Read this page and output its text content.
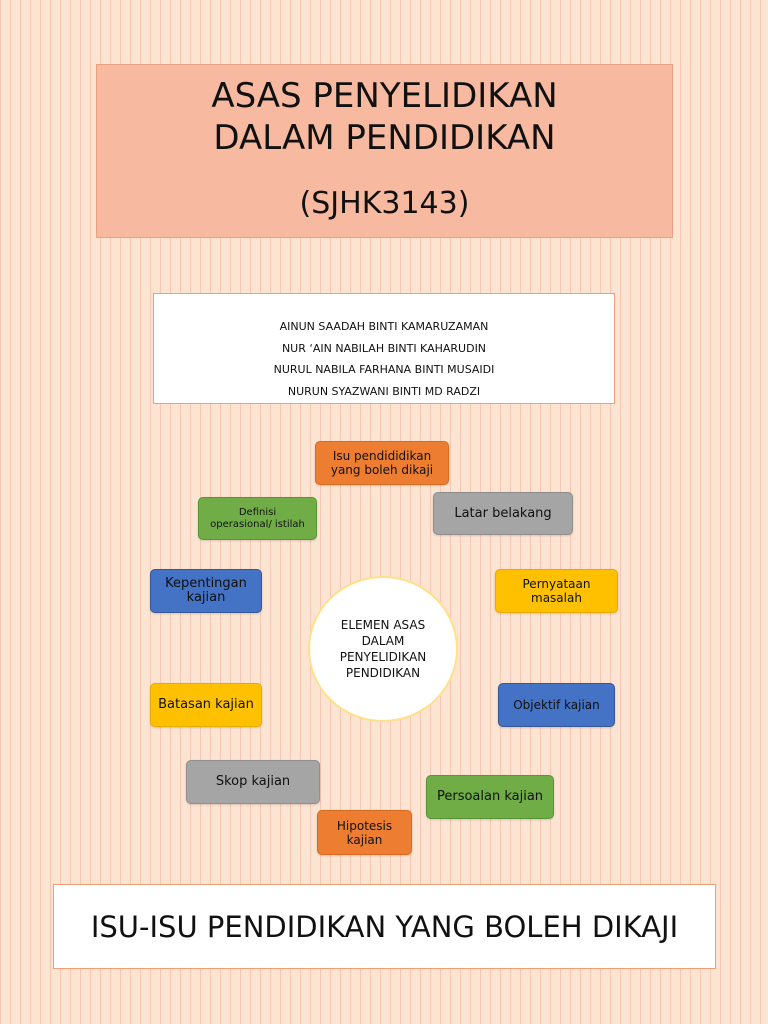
ASAS PENYELIDIKAN
DALAM PENDIDIKAN
(SJHK3143)
AINUN SAADAH BINTI KAMARUZAMAN
NUR ‘AIN NABILAH BINTI KAHARUDIN
NURUL NABILA FARHANA BINTI MUSAIDI
NURUN SYAZWANI BINTI MD RADZI
ELEMEN ASAS
DALAM
PENYELIDIKAN
PENDIDIKAN
Isu pendididikan
yang boleh dikaji
Latar belakang
Pernyataan
masalah
Objektif kajian
Persoalan kajian
Hipotesis
kajian
Skop kajian
Batasan kajian
Kepentingan
kajian
Definisi
operasional/ istilah
ISU-ISU PENDIDIKAN YANG BOLEH DIKAJI
